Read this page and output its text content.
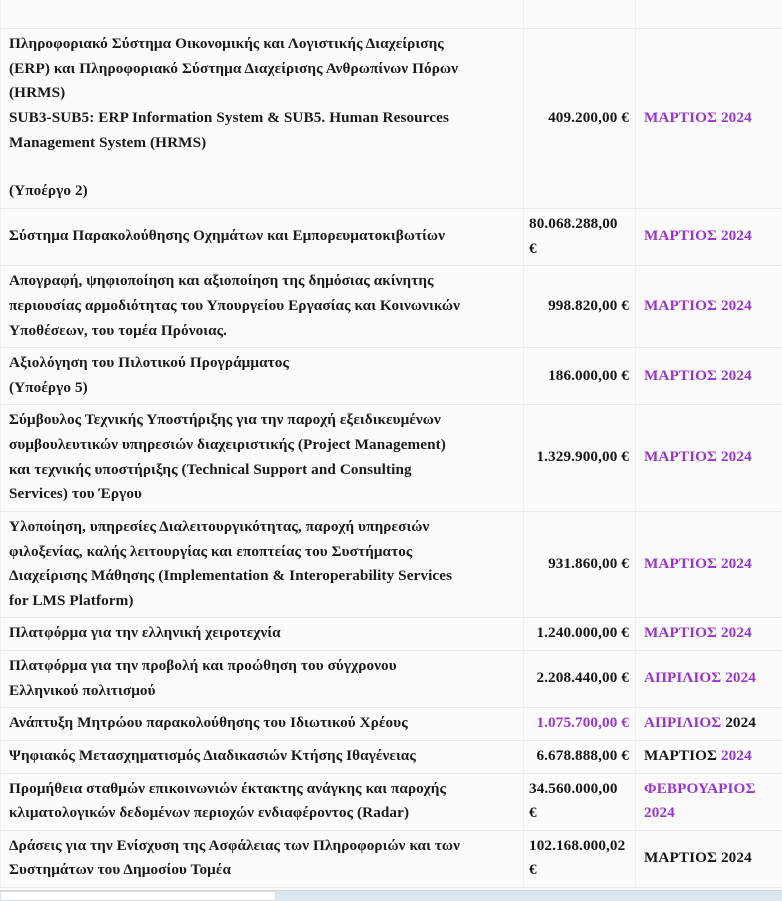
Πληροφοριακό Σύστημα Οικονομικής και Λογιστικής Διαχείρισης
(ERP) και Πληροφοριακό Σύστημα Διαχείρισης Ανθρωπίνων Πόρων
(HRMS)
SUB3-SUB5: ERP Information System & SUB5. Human Resources
Management System (HRMS)
(Υποέργο 2)
	409.200,00 €	ΜΑΡΤΙΟΣ 2024

Σύστημα Παρακολούθησης Οχημάτων και Εμπορευματοκιβωτίων	80.068.288,00 €	ΜΑΡΤΙΟΣ 2024

Απογραφή, ψηφιοποίηση και αξιοποίηση της δημόσιας ακίνητης
περιουσίας αρμοδιότητας του Υπουργείου Εργασίας και Κοινωνικών
Υποθέσεων, του τομέα Πρόνοιας.	998.820,00 €	ΜΑΡΤΙΟΣ 2024

Αξιολόγηση του Πιλοτικού Προγράμματος
(Υποέργο 5)	186.000,00 €	ΜΑΡΤΙΟΣ 2024

Σύμβουλος Τεχνικής Υποστήριξης για την παροχή εξειδικευμένων
συμβουλευτικών υπηρεσιών διαχειριστικής (Project Management)
και τεχνικής υποστήριξης (Technical Support and Consulting
Services) του Έργου	1.329.900,00 €	ΜΑΡΤΙΟΣ 2024

Υλοποίηση, υπηρεσίες Διαλειτουργικότητας, παροχή υπηρεσιών
φιλοξενίας, καλής λειτουργίας και εποπτείας του Συστήματος
Διαχείρισης Μάθησης (Implementation & Interoperability Services
for LMS Platform)	931.860,00 €	ΜΑΡΤΙΟΣ 2024

Πλατφόρμα για την ελληνική χειροτεχνία	1.240.000,00 €	ΜΑΡΤΙΟΣ 2024

Πλατφόρμα για την προβολή και προώθηση του σύγχρονου
Ελληνικού πολιτισμού	2.208.440,00 €	ΑΠΡΙΛΙΟΣ 2024

Ανάπτυξη Μητρώου παρακολούθησης του Ιδιωτικού Χρέους	1.075.700,00 €	ΑΠΡΙΛΙΟΣ 2024

Ψηφιακός Μετασχηματισμός Διαδικασιών Κτήσης Ιθαγένειας	6.678.888,00 €	ΜΑΡΤΙΟΣ 2024

Προμήθεια σταθμών επικοινωνιών έκτακτης ανάγκης και παροχής
κλιματολογικών δεδομένων περιοχών ενδιαφέροντος (Radar)	34.560.000,00 €	ΦΕΒΡΟΥΑΡΙΟΣ 2024

Δράσεις για την Ενίσχυση της Ασφάλειας των Πληροφοριών και των
Συστημάτων του Δημοσίου Τομέα	102.168.000,02 €	ΜΑΡΤΙΟΣ 2024
